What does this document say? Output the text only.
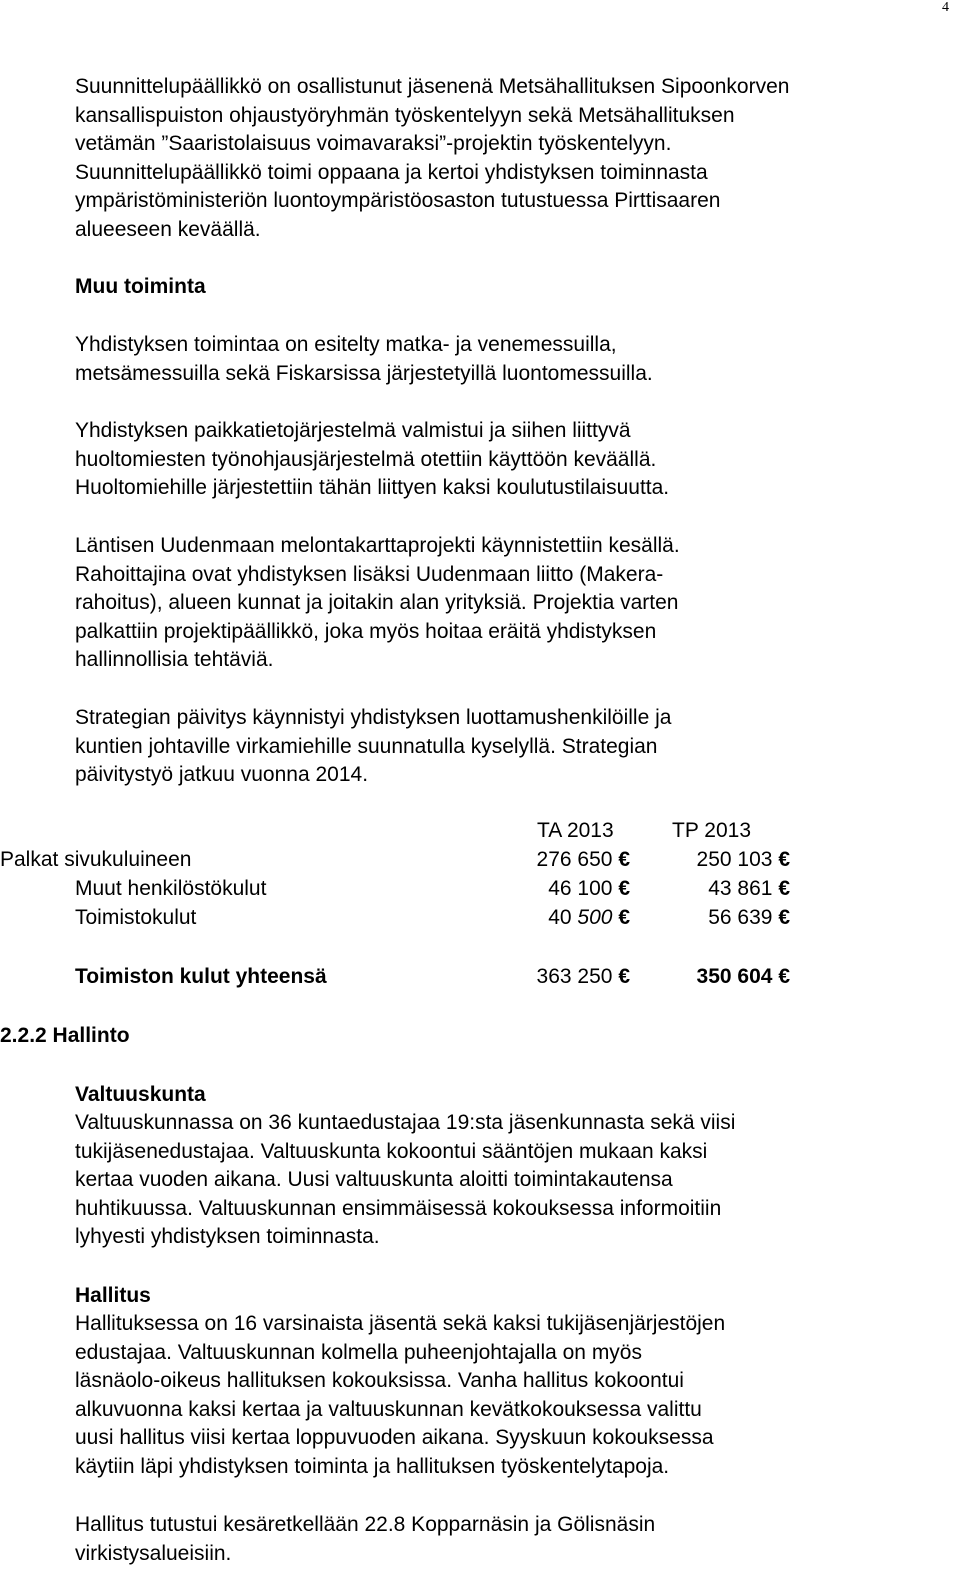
4
Suunnittelupäällikkö on osallistunut jäsenenä Metsähallituksen Sipoonkorven
kansallispuiston ohjaustyöryhmän työskentelyyn sekä Metsähallituksen
vetämän ”Saaristolaisuus voimavaraksi”-projektin työskentelyyn.
Suunnittelupäällikkö toimi oppaana ja kertoi yhdistyksen toiminnasta
ympäristöministeriön luontoympäristöosaston tutustuessa Pirttisaaren
alueeseen keväällä.
Muu toiminta
Yhdistyksen toimintaa on esitelty matka- ja venemessuilla,
metsämessuilla sekä Fiskarsissa järjestetyillä luontomessuilla.
Yhdistyksen paikkatietojärjestelmä valmistui ja siihen liittyvä
huoltomiesten työnohjausjärjestelmä otettiin käyttöön keväällä.
Huoltomiehille järjestettiin tähän liittyen kaksi koulutustilaisuutta.
Läntisen Uudenmaan melontakarttaprojekti käynnistettiin kesällä.
Rahoittajina ovat yhdistyksen lisäksi Uudenmaan liitto (Makera-
rahoitus), alueen kunnat ja joitakin alan yrityksiä. Projektia varten
palkattiin projektipäällikkö, joka myös hoitaa eräitä yhdistyksen
hallinnollisia tehtäviä.
Strategian päivitys käynnistyi yhdistyksen luottamushenkilöille ja
kuntien johtaville virkamiehille suunnatulla kyselyllä. Strategian
päivitystyö jatkuu vuonna 2014.
TA 2013	TP 2013
Palkat sivukuluineen	276 650 €	250 103 €
Muut henkilöstökulut	46 100 €	43 861 €
Toimistokulut	40 500 €	56 639 €
Toimiston kulut yhteensä	363 250 €	350 604 €
2.2.2 Hallinto
Valtuuskunta
Valtuuskunnassa on 36 kuntaedustajaa 19:sta jäsenkunnasta sekä viisi
tukijäsenedustajaa. Valtuuskunta kokoontui sääntöjen mukaan kaksi
kertaa vuoden aikana. Uusi valtuuskunta aloitti toimintakautensa
huhtikuussa. Valtuuskunnan ensimmäisessä kokouksessa informoitiin
lyhyesti yhdistyksen toiminnasta.
Hallitus
Hallituksessa on 16 varsinaista jäsentä sekä kaksi tukijäsenjärjestöjen
edustajaa. Valtuuskunnan kolmella puheenjohtajalla on myös
läsnäolo-oikeus hallituksen kokouksissa. Vanha hallitus kokoontui
alkuvuonna kaksi kertaa ja valtuuskunnan kevätkokouksessa valittu
uusi hallitus viisi kertaa loppuvuoden aikana. Syyskuun kokouksessa
käytiin läpi yhdistyksen toiminta ja hallituksen työskentelytapoja.
Hallitus tutustui kesäretkellään 22.8 Kopparnäsin ja Gölisnäsin
virkistysalueisiin.
